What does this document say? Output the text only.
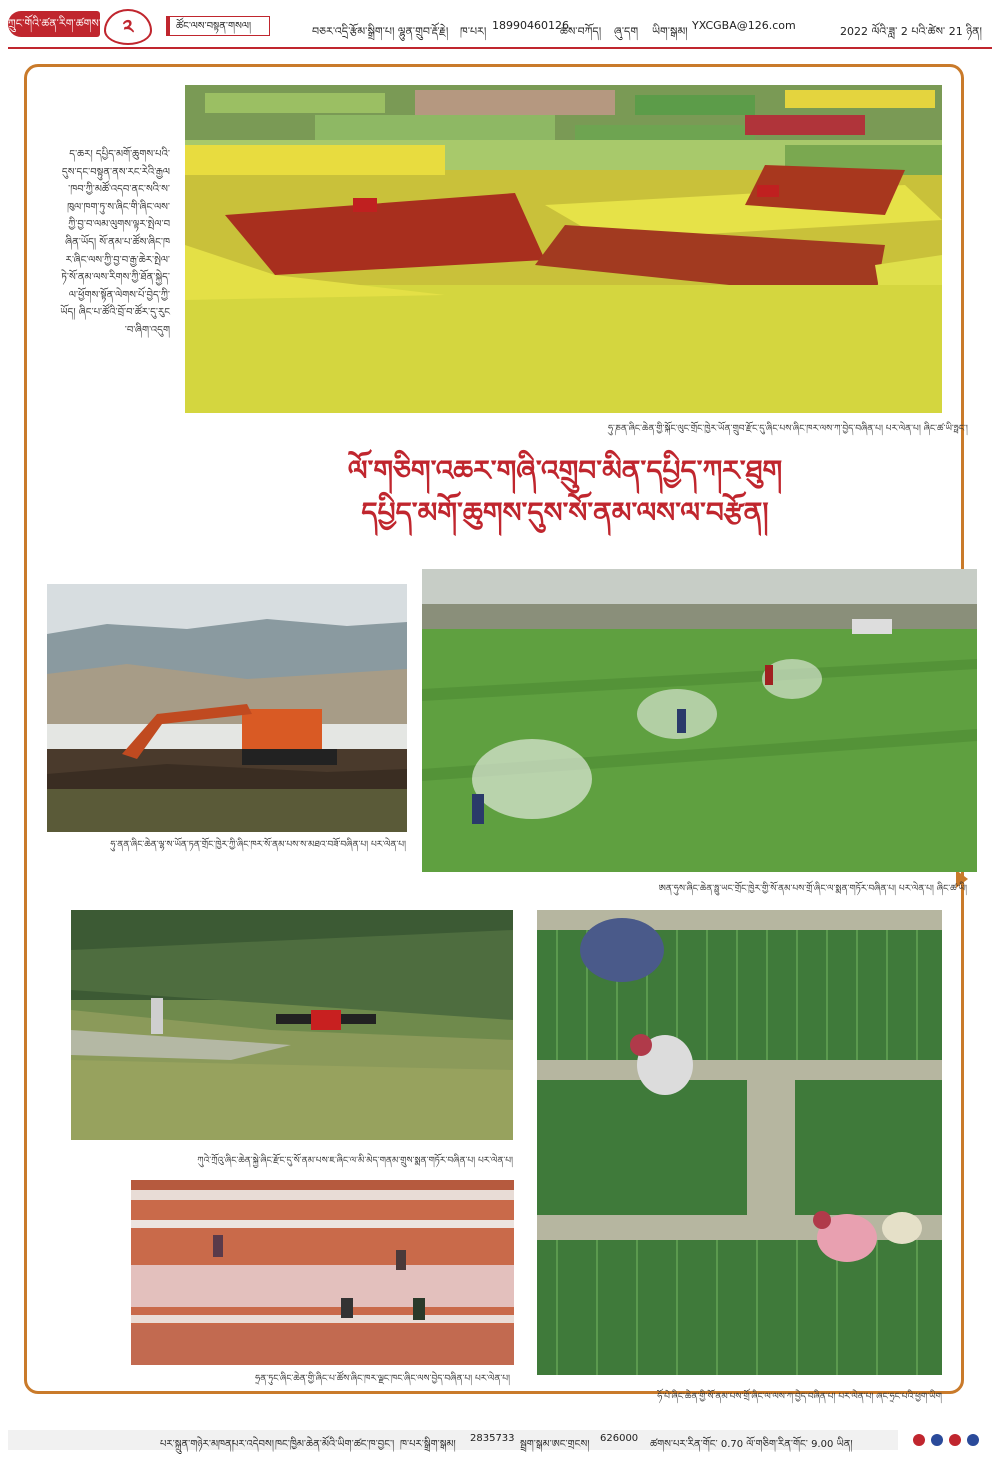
ཀྲུང་གོའི་ཚན་རིག་ཚགས་པར། ༢	ཚོང་ལས་བསྟན་གསལ།	བཅར་འདྲི་རྩོམ་སྒྲིག་པ། ལྷུན་གྲུབ་རྡོ་རྗེ། ཁ་པར། 18990460126
ཆས་བཀོད། ཞུ་དག ཡིག་སྒམ། YXCGBA@126.com	2022 ལོའི་ཟླ་ 2 པའི་ཚེས་ 21 ཉིན།
ཧུ་ཎན་ཞིང་ཆེན་གྱི་སྐོང་ལུང་གྲོང་ཁྱེར་ཡོན་གྲུབ་རྫོང་དུ་ཞིང་པས་ཞིང་ཁར་ལས་ཀ་བྱེད་བཞིན་པ། པར་ལེན་པ། ཞིང་ཚ་ཡི་ཧྥང་།
ད་ཆར། དཔྱིད་མགོ་ཆུགས་པའི་དུས་དང་བསྟུན་ནས་རང་རེའི་རྒྱལ་ཁབ་ཀྱི་མཚོ་འདབ་ནང་སའི་ས་ཁུལ་ཁག་ཏུ་ས་ཞིང་གི་ཞིང་ལས་ཀྱི་བྱ་བ་ལམ་ལུགས་ལྟར་སྤེལ་བཞིན་ཡོད། སོ་ནམ་པ་ཚོས་ཞིང་ཁར་ཞིང་ལས་ཀྱི་བྱ་བ་རྒྱ་ཆེར་སྤེལ་ཏེ་སོ་ནམ་ལས་རིགས་ཀྱི་ཐོན་སྐྱེད་ལ་ཕྱོགས་སྟོན་ལེགས་པོ་བྱེད་ཀྱི་ཡོད། ཞིང་པ་ཚོའི་བྲོ་བ་ཚོར་དུ་རུང་བ་ཞིག་འདུག
ལོ་གཅིག་འཆར་གཞི་འགྲུབ་མིན་དཔྱིད་ཀར་ཐུག
དཔྱིད་མགོ་ཆུགས་དུས་སོ་ནམ་ལས་ལ་བརྩོན།
ཧུ་ནན་ཞིང་ཆེན་ལྷ་ས་ཡོན་ཏན་གྲོང་ཁྱེར་ཀྱི་ཞིང་ཁར་སོ་ནམ་པས་ས་མཐའ་བཟོ་བཞིན་པ། པར་ལེན་པ།
ཨན་ཧུས་ཞིང་ཆེན་ཧྥུ་ཡང་གྲོང་ཁྱེར་གྱི་སོ་ནམ་པས་གྲོ་ཞིང་ལ་སྨན་གཏོར་བཞིན་པ། པར་ལེན་པ། ཞིང་ཚ་ཡི།
ཀུའེ་ཀྲོའུ་ཞིང་ཆེན་སྐྱེ་ཞིང་རྫོང་དུ་སོ་ནམ་པས་ཇ་ཞིང་ལ་མི་མེད་གནམ་གྲུས་སྨན་གཏོར་བཞིན་པ། པར་ལེན་པ།
ཧྲན་ཏུང་ཞིང་ཆེན་གྱི་ཞིང་པ་ཚོས་ཞིང་ཁར་ལྗང་ཁང་ཞིང་ལས་བྱེད་བཞིན་པ། པར་ལེན་པ།
ཧོ་པེ་ཞིང་ཆེན་གྱི་སོ་ནམ་པས་གྲོ་ཞིང་ལ་ལས་ཀ་བྱེད་བཞིན་པ། པར་ལེན་པ། ཞང་ཧྲང་པའི་ཕྱག་ཡིག
པར་སྐྲུན་གཉེར་མཁན།
པར་འདེབས། ཁང་ཁྱིམ་ཆེན་མོའི་ཡིག་ཚང་ཁ་བྱང་། ཁ་པར་སྒྲིག་སྒམ།
2835733
སྦྲག་སྒམ་ཨང་གྲངས།
626000
ཚགས་པར་རིན་གོང་ 0.70 ལོ་གཅིག་རིན་གོང་ 9.00 ཡིན།
